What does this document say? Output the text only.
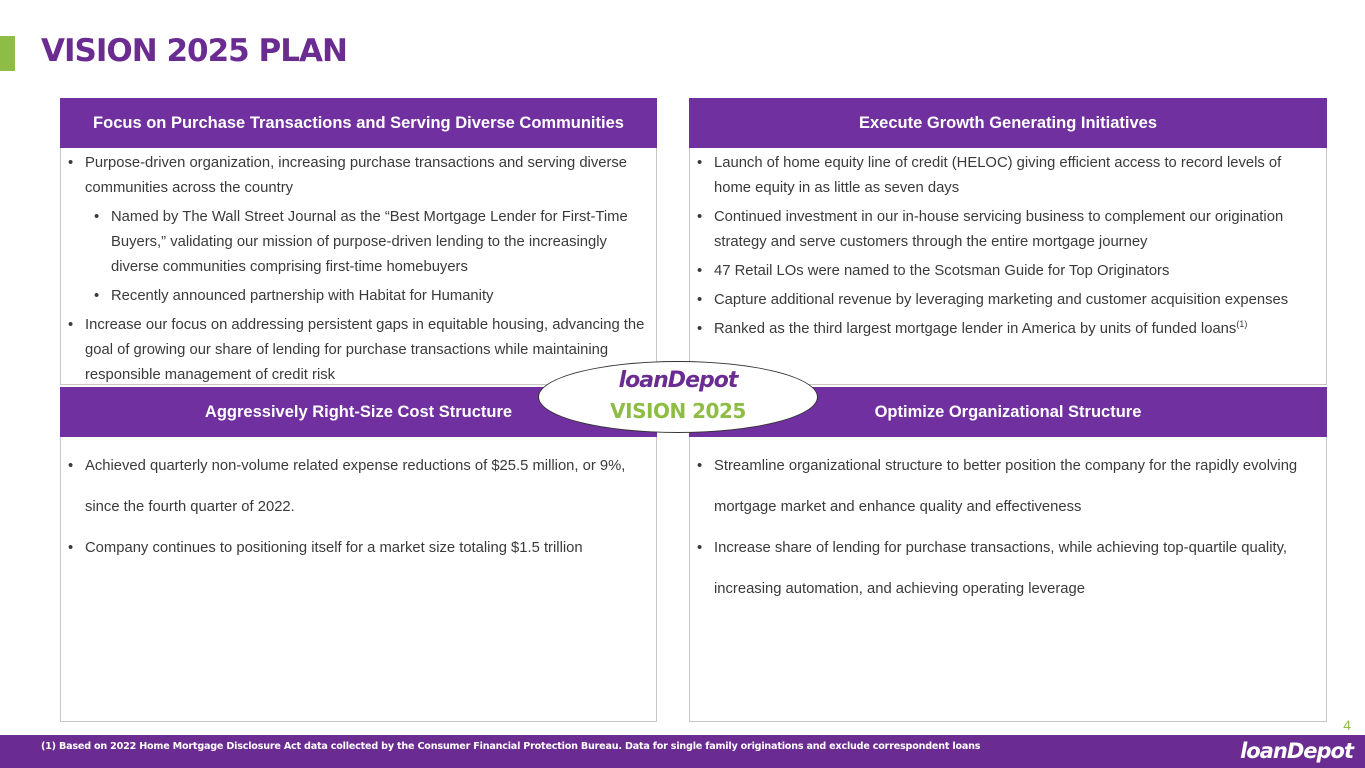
VISION 2025 PLAN
Focus on Purchase Transactions and Serving Diverse Communities
• Purpose-driven organization, increasing purchase transactions and serving diverse communities across the country
• Named by The Wall Street Journal as the “Best Mortgage Lender for First-Time Buyers,” validating our mission of purpose-driven lending to the increasingly diverse communities comprising first-time homebuyers
• Recently announced partnership with Habitat for Humanity
• Increase our focus on addressing persistent gaps in equitable housing, advancing the goal of growing our share of lending for purchase transactions while maintaining responsible management of credit risk
Execute Growth Generating Initiatives
• Launch of home equity line of credit (HELOC) giving efficient access to record levels of home equity in as little as seven days
• Continued investment in our in-house servicing business to complement our origination strategy and serve customers through the entire mortgage journey
• 47 Retail LOs were named to the Scotsman Guide for Top Originators
• Capture additional revenue by leveraging marketing and customer acquisition expenses
• Ranked as the third largest mortgage lender in America by units of funded loans$^{(1)}$
Aggressively Right-Size Cost Structure
• Achieved quarterly non-volume related expense reductions of $25.5 million, or 9%, since the fourth quarter of 2022.
• Company continues to positioning itself for a market size totaling $1.5 trillion
Optimize Organizational Structure
• Streamline organizational structure to better position the company for the rapidly evolving mortgage market and enhance quality and effectiveness
• Increase share of lending for purchase transactions, while achieving top-quartile quality, increasing automation, and achieving operating leverage
loanDepot
VISION 2025
4
(1) Based on 2022 Home Mortgage Disclosure Act data collected by the Consumer Financial Protection Bureau. Data for single family originations and exclude correspondent loans	loanDepot
